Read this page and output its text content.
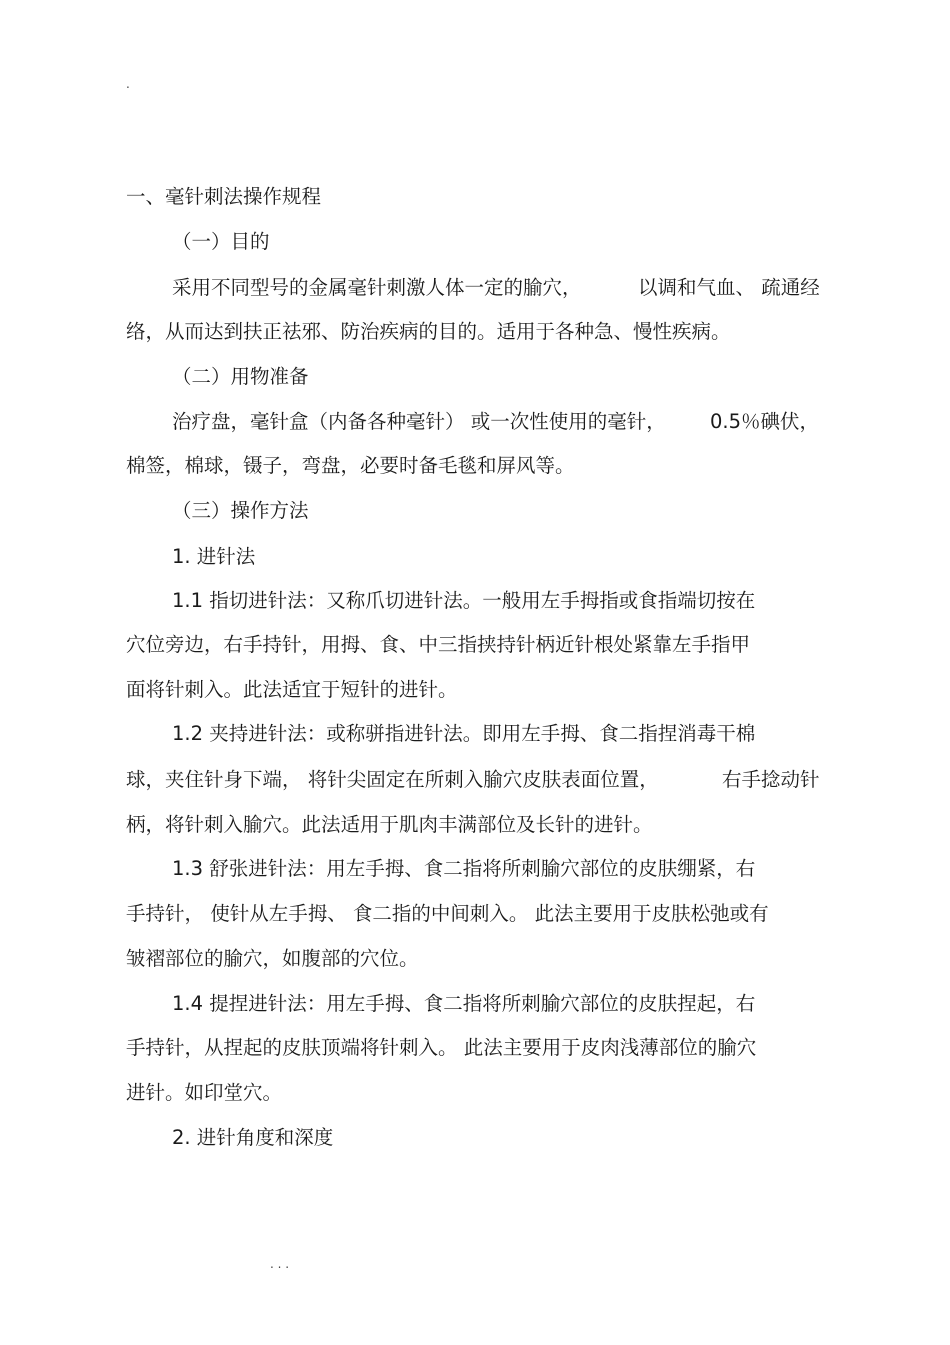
.

一、毫针刺法操作规程

（一）目的

采用不同型号的金属毫针刺激人体一定的腧穴，	以调和气血、 疏通经

络，从而达到扶正祛邪、防治疾病的目的。适用于各种急、慢性疾病。

（二）用物准备

治疗盘，毫针盒（内备各种毫针） 或一次性使用的毫针， 0.5％碘伏，

棉签，棉球，镊子，弯盘，必要时备毛毯和屏风等。

（三）操作方法

1. 进针法

1.1 指切进针法：又称爪切进针法。一般用左手拇指或食指端切按在

穴位旁边，右手持针，用拇、食、中三指挟持针柄近针根处紧靠左手指甲

面将针刺入。此法适宜于短针的进针。

1.2 夹持进针法：或称骈指进针法。即用左手拇、食二指捏消毒干棉

球，夹住针身下端， 将针尖固定在所刺入腧穴皮肤表面位置，	右手捻动针

柄，将针刺入腧穴。此法适用于肌肉丰满部位及长针的进针。

1.3 舒张进针法：用左手拇、食二指将所刺腧穴部位的皮肤绷紧，右

手持针， 使针从左手拇、 食二指的中间刺入。 此法主要用于皮肤松弛或有

皱褶部位的腧穴，如腹部的穴位。

1.4 提捏进针法：用左手拇、食二指将所刺腧穴部位的皮肤捏起，右

手持针，从捏起的皮肤顶端将针刺入。 此法主要用于皮肉浅薄部位的腧穴

进针。如印堂穴。

2. 进针角度和深度

. . .
